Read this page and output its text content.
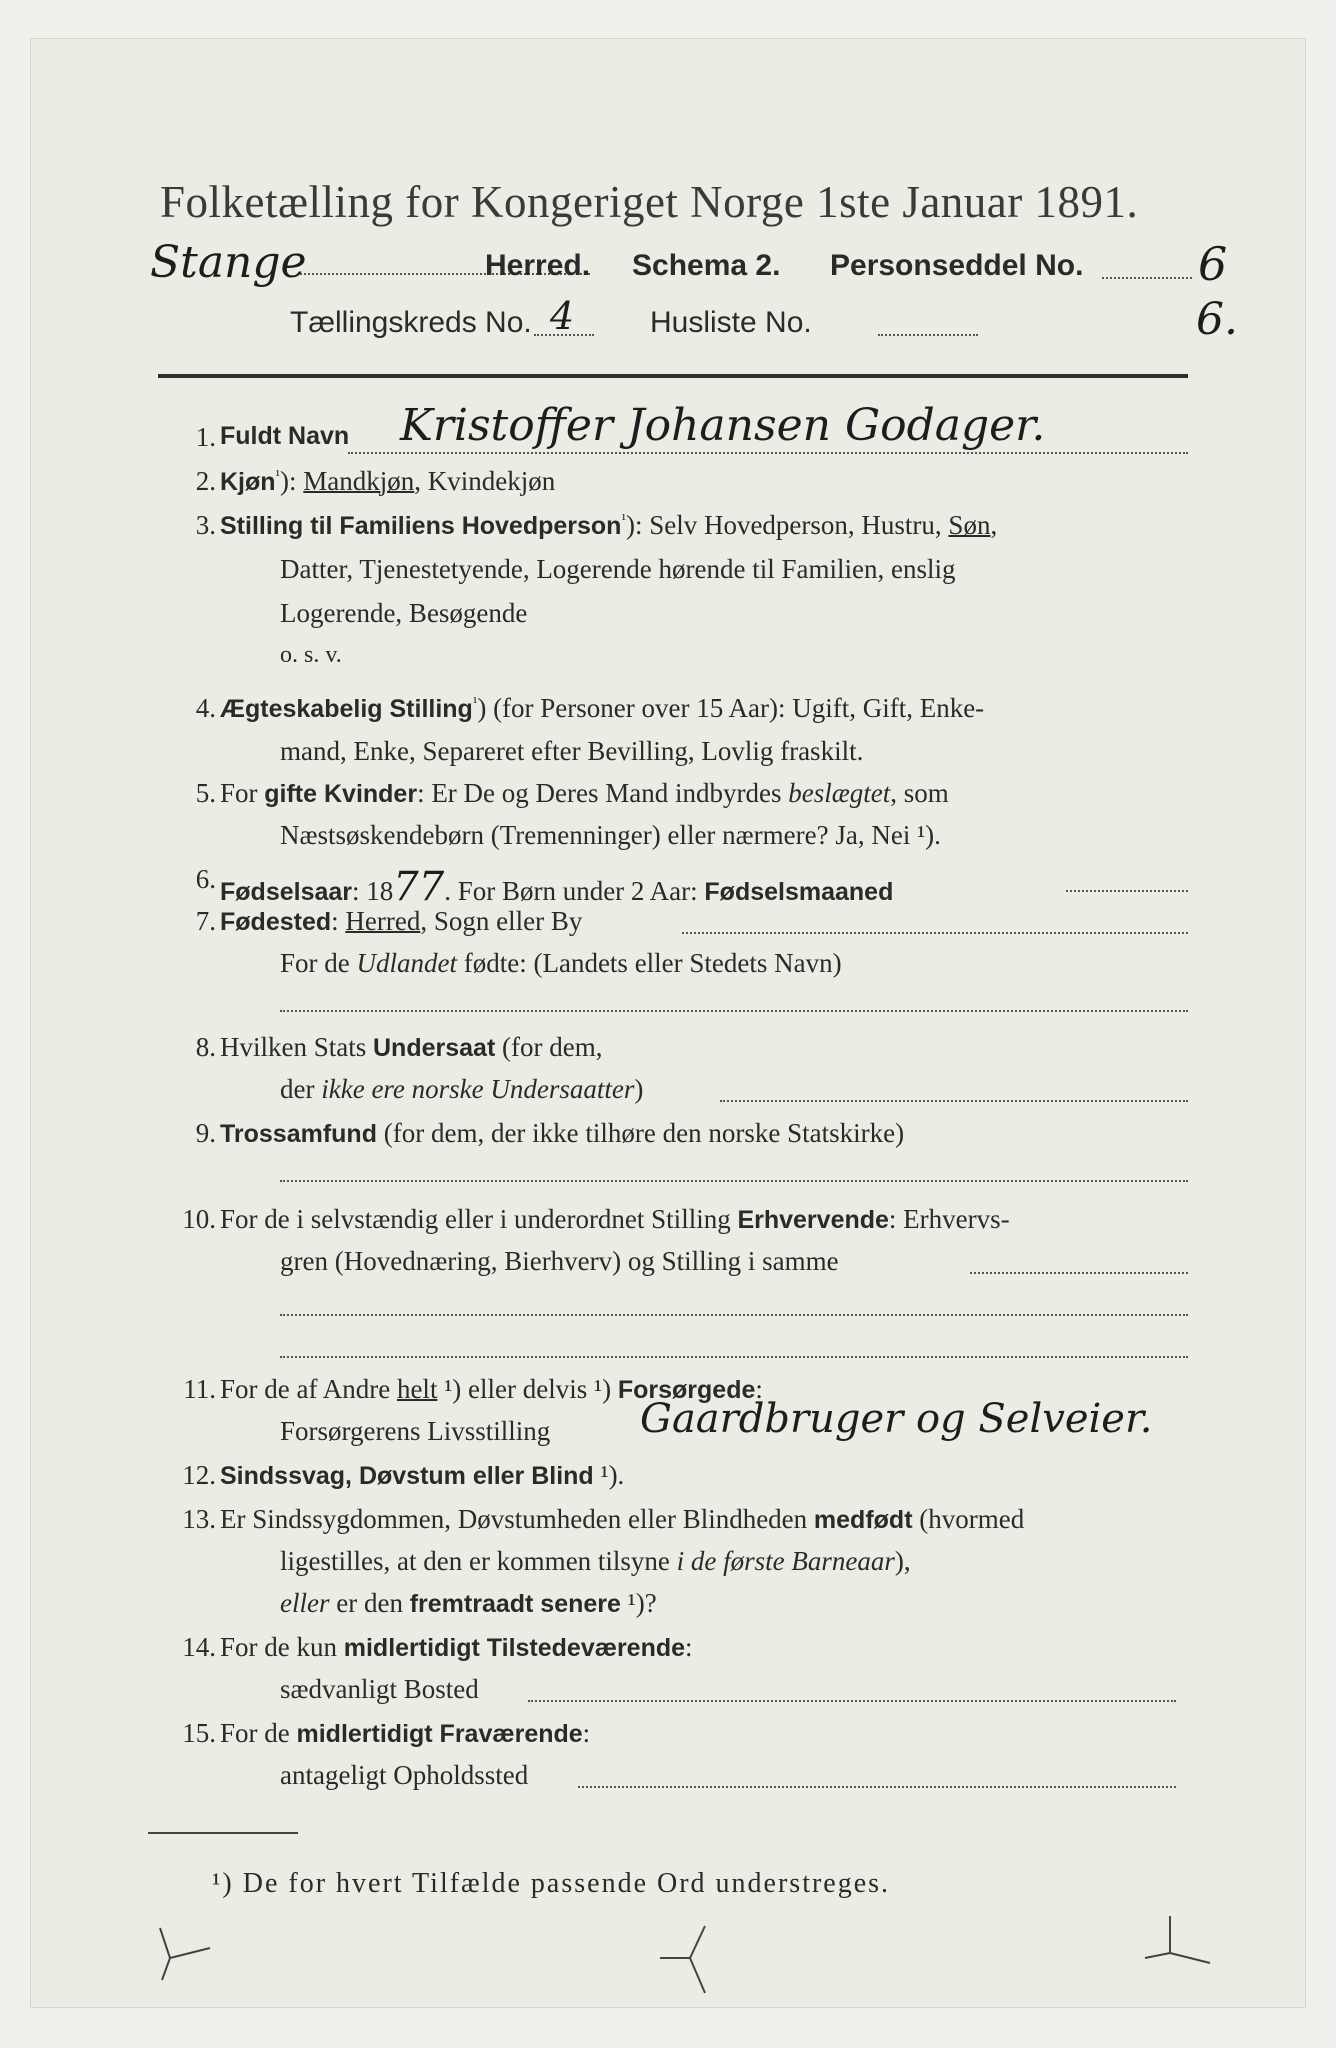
Folketælling for Kongeriget Norge 1ste Januar 1891.
Stange	Herred. Schema 2. Personseddel No. 6
Tællingskreds No. 4	Husliste No.	6.
1. Fuldt Navn Kristoffer Johansen Godager.
2. Kjøn$^{^1}$): Mandkjøn, Kvindekjøn
3. Stilling til Familiens Hovedperson$^{^1}$): Selv Hovedperson, Hustru, Søn,
Datter, Tjenestetyende, Logerende hørende til Familien, enslig
Logerende, Besøgende
o. s. v.
4. Ægteskabelig Stilling$^{^1}$) (for Personer over 15 Aar): Ugift, Gift, Enke-
mand, Enke, Separeret efter Bevilling, Lovlig fraskilt.
5. For gifte Kvinder: Er De og Deres Mand indbyrdes beslægtet, som
Næstsøskendebørn (Tremenninger) eller nærmere? Ja, Nei ¹).
6. Fødselsaar: 1877. For Børn under 2 Aar: Fødselsmaaned
7. Fødested: Herred, Sogn eller By
For de Udlandet fødte: (Landets eller Stedets Navn)
8. Hvilken Stats Undersaat (for dem,
der ikke ere norske Undersaatter)
9. Trossamfund (for dem, der ikke tilhøre den norske Statskirke)
10. For de i selvstændig eller i underordnet Stilling Erhvervende: Erhvervs-
gren (Hovednæring, Bierhverv) og Stilling i samme
11. For de af Andre helt ¹) eller delvis ¹) Forsørgede:
Forsørgerens Livsstilling Gaardbruger og Selveier.
12. Sindssvag, Døvstum eller Blind ¹).
13. Er Sindssygdommen, Døvstumheden eller Blindheden medfødt (hvormed
ligestilles, at den er kommen tilsyne i de første Barneaar),
eller er den fremtraadt senere ¹)?
14. For de kun midlertidigt Tilstedeværende:
sædvanligt Bosted
15. For de midlertidigt Fraværende:
antageligt Opholdssted
¹) De for hvert Tilfælde passende Ord understreges.
